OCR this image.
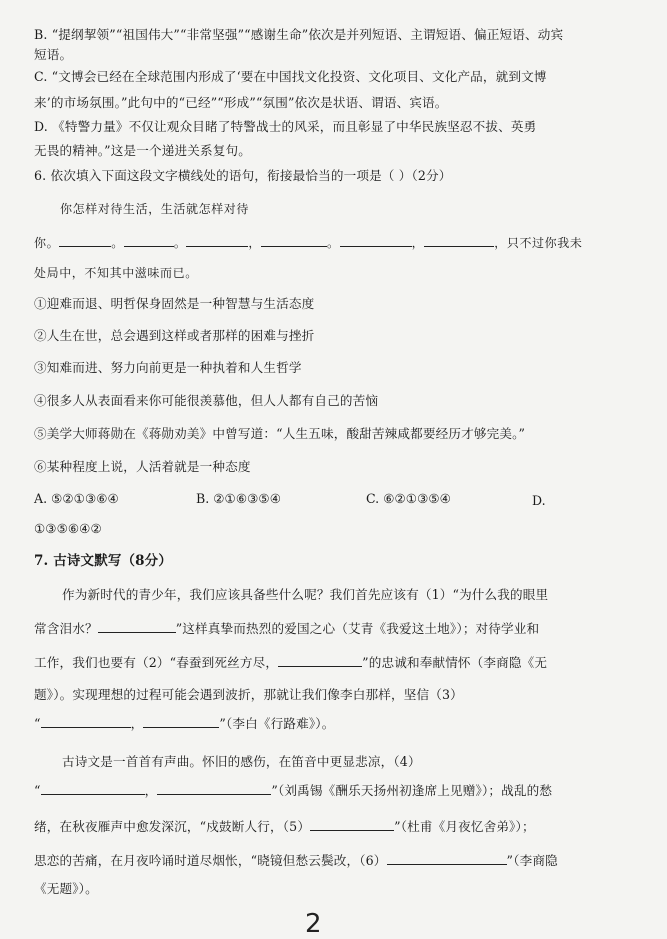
B. “提纲挈领”“祖国伟大”“非常坚强”“感谢生命”依次是并列短语、主谓短语、偏正短语、动宾
短语。
C. “文博会已经在全球范围内形成了‘要在中国找文化投资、文化项目、文化产品，就到文博
来’的市场氛围。”此句中的“已经”“形成”“氛围”依次是状语、谓语、宾语。
D. 《特警力量》不仅让观众目睹了特警战士的风采，而且彰显了中华民族坚忍不拔、英勇
无畏的精神。”这是一个递进关系复句。
6. 依次填入下面这段文字横线处的语句，衔接最恰当的一项是（ ）（2分）
你怎样对待生活，生活就怎样对待
你。	。	。	，	。	，	，只不过你我未
处局中，不知其中滋味而已。
①迎难而退、明哲保身固然是一种智慧与生活态度
②人生在世，总会遇到这样或者那样的困难与挫折
③知难而进、努力向前更是一种执着和人生哲学
④很多人从表面看来你可能很羡慕他，但人人都有自己的苦恼
⑤美学大师蒋勋在《蒋勋劝美》中曾写道：“人生五味，酸甜苦辣咸都要经历才够完美。”
⑥某种程度上说，人活着就是一种态度
A. ⑤②①③⑥④	B. ②①⑥③⑤④	C. ⑥②①③⑤④	D.
①③⑤⑥④②
7. 古诗文默写（8分）
作为新时代的青少年，我们应该具备些什么呢？我们首先应该有（1）“为什么我的眼里
常含泪水？	”这样真挚而热烈的爱国之心（艾青《我爱这土地》）；对待学业和
工作，我们也要有（2）“春蚕到死丝方尽，	”的忠诚和奉献情怀（李商隐《无
题》）。实现理想的过程可能会遇到波折，那就让我们像李白那样，坚信（3）
“	，	”（李白《行路难》）。
古诗文是一首首有声曲。怀旧的感伤，在笛音中更显悲凉，（4）
“	，	”（刘禹锡《酬乐天扬州初逢席上见赠》）；战乱的愁
绪，在秋夜雁声中愈发深沉，“戍鼓断人行，（5）	”（杜甫《月夜忆舍弟》）；
思恋的苦痛，在月夜吟诵时道尽烟怅，“晓镜但愁云鬓改，（6）	”（李商隐
《无题》）。
2
